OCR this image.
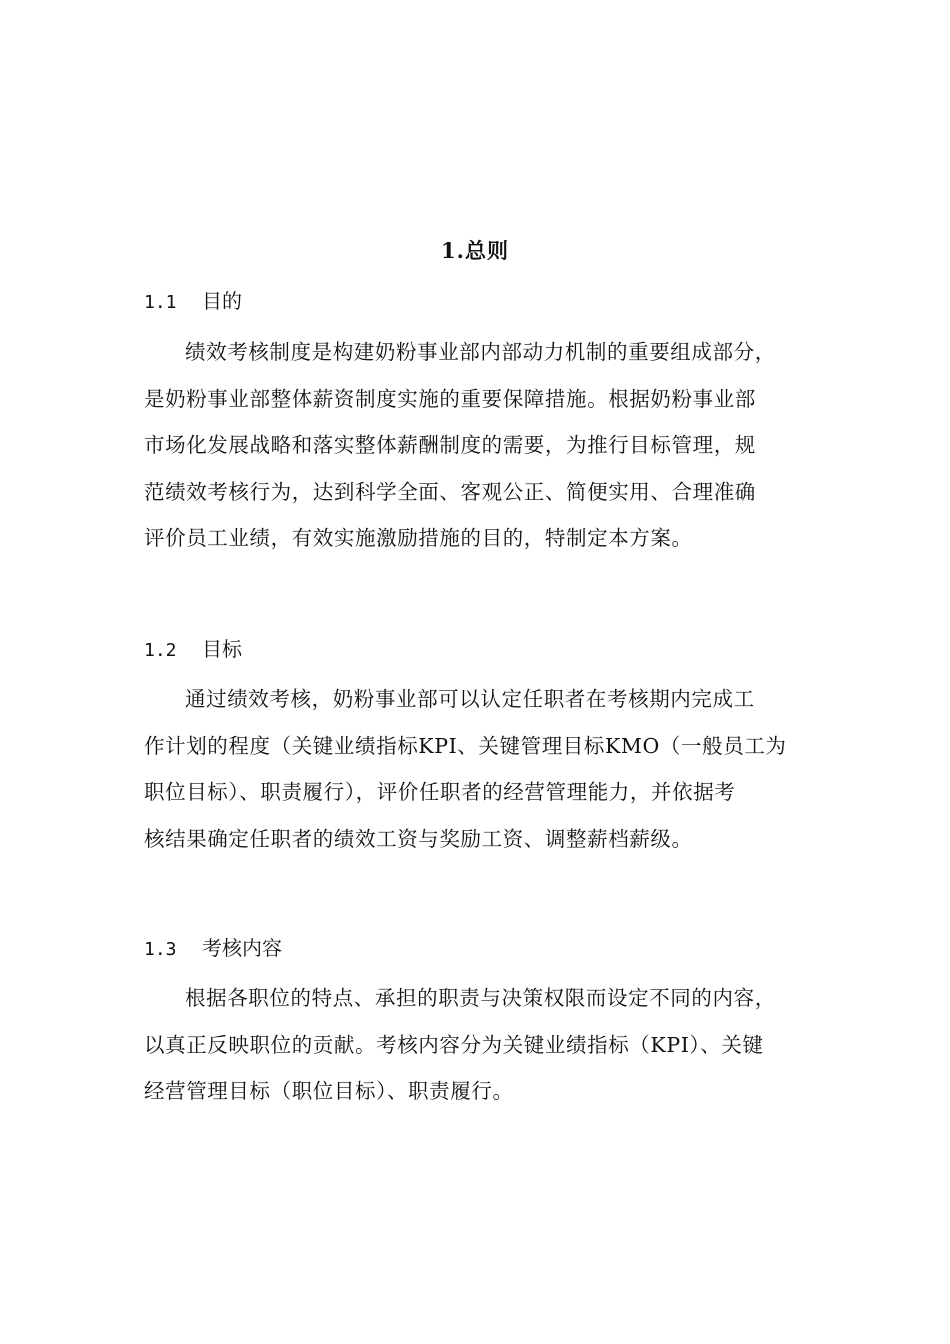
1.总则
1.1 目的
绩效考核制度是构建奶粉事业部内部动力机制的重要组成部分，
是奶粉事业部整体薪资制度实施的重要保障措施。根据奶粉事业部
市场化发展战略和落实整体薪酬制度的需要，为推行目标管理，规
范绩效考核行为，达到科学全面、客观公正、简便实用、合理准确
评价员工业绩，有效实施激励措施的目的，特制定本方案。
1.2 目标
通过绩效考核，奶粉事业部可以认定任职者在考核期内完成工
作计划的程度（关键业绩指标KPI、关键管理目标KMO（一般员工为
职位目标）、职责履行），评价任职者的经营管理能力，并依据考
核结果确定任职者的绩效工资与奖励工资、调整薪档薪级。
1.3 考核内容
根据各职位的特点、承担的职责与决策权限而设定不同的内容，
以真正反映职位的贡献。考核内容分为关键业绩指标（KPI）、关键
经营管理目标（职位目标）、职责履行。
